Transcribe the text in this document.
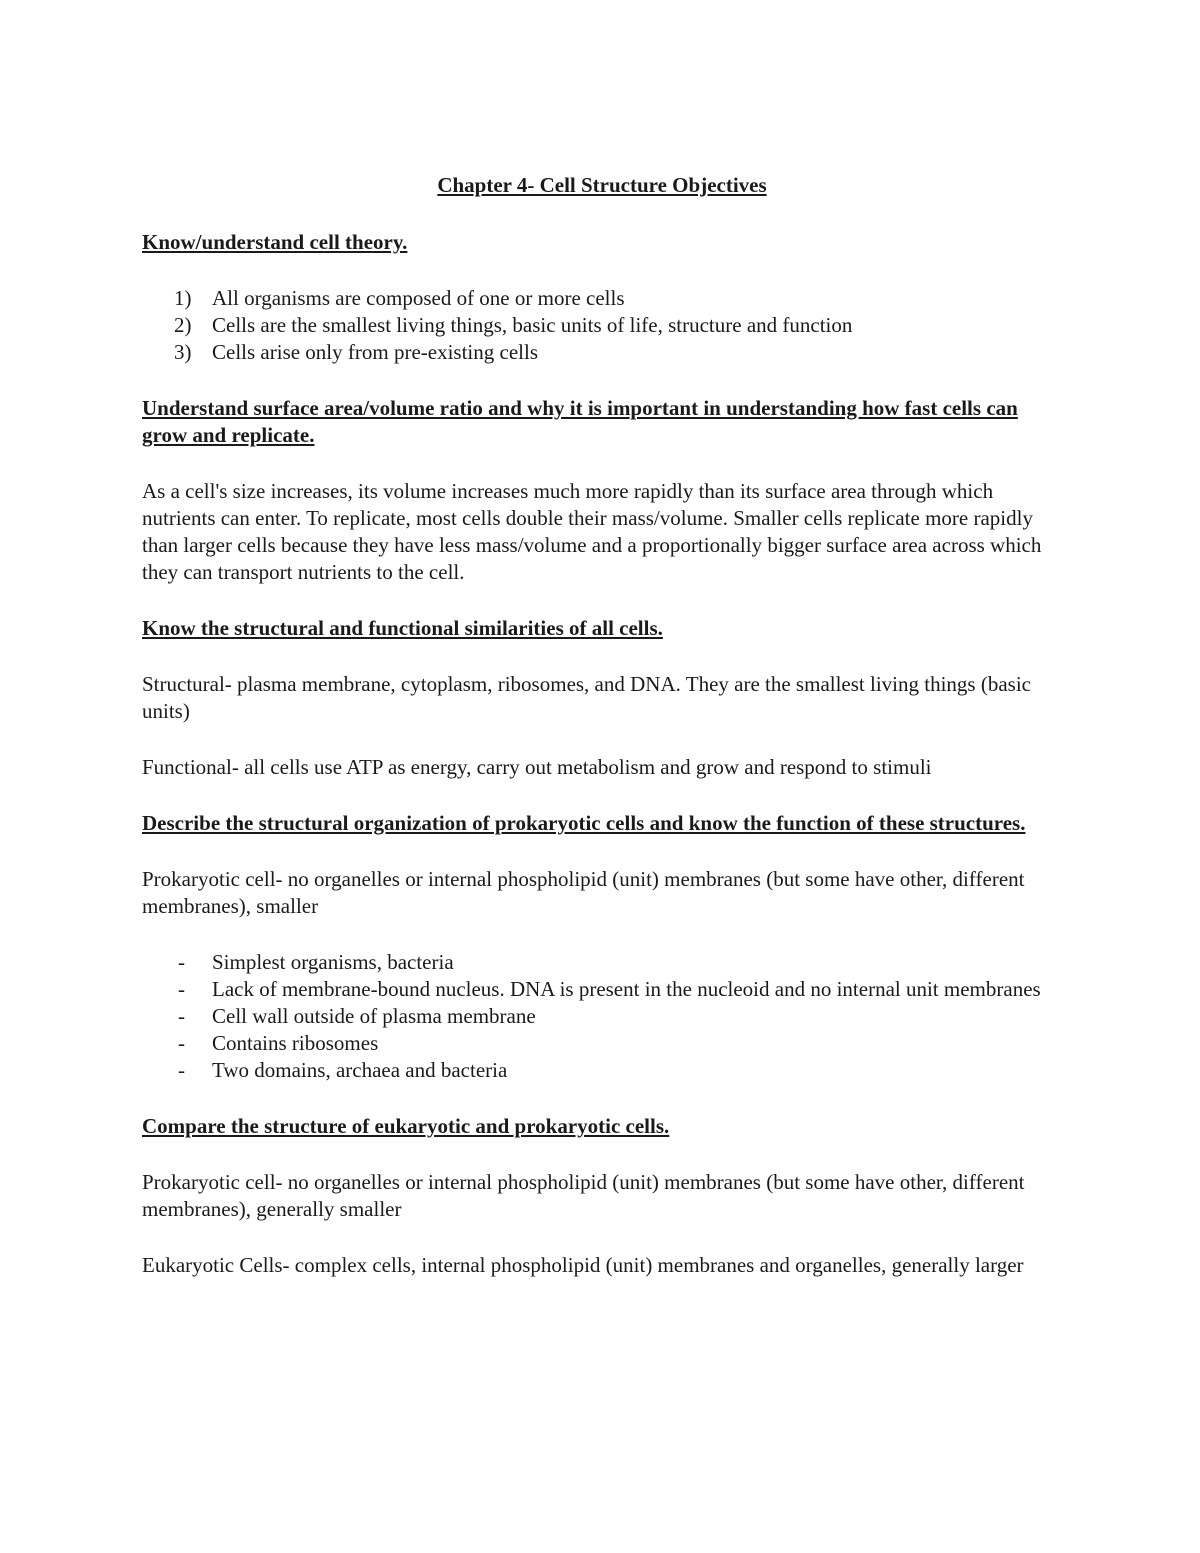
Chapter 4- Cell Structure Objectives
Know/understand cell theory.
1) All organisms are composed of one or more cells
2) Cells are the smallest living things, basic units of life, structure and function
3) Cells arise only from pre-existing cells
Understand surface area/volume ratio and why it is important in understanding how fast cells can grow and replicate.
As a cell's size increases, its volume increases much more rapidly than its surface area through which nutrients can enter. To replicate, most cells double their mass/volume. Smaller cells replicate more rapidly than larger cells because they have less mass/volume and a proportionally bigger surface area across which they can transport nutrients to the cell.
Know the structural and functional similarities of all cells.
Structural- plasma membrane, cytoplasm, ribosomes, and DNA. They are the smallest living things (basic units)
Functional- all cells use ATP as energy, carry out metabolism and grow and respond to stimuli
Describe the structural organization of prokaryotic cells and know the function of these structures.
Prokaryotic cell- no organelles or internal phospholipid (unit) membranes (but some have other, different membranes), smaller
- Simplest organisms, bacteria
- Lack of membrane-bound nucleus. DNA is present in the nucleoid and no internal unit membranes
- Cell wall outside of plasma membrane
- Contains ribosomes
- Two domains, archaea and bacteria
Compare the structure of eukaryotic and prokaryotic cells.
Prokaryotic cell- no organelles or internal phospholipid (unit) membranes (but some have other, different membranes), generally smaller
Eukaryotic Cells- complex cells, internal phospholipid (unit) membranes and organelles, generally larger
